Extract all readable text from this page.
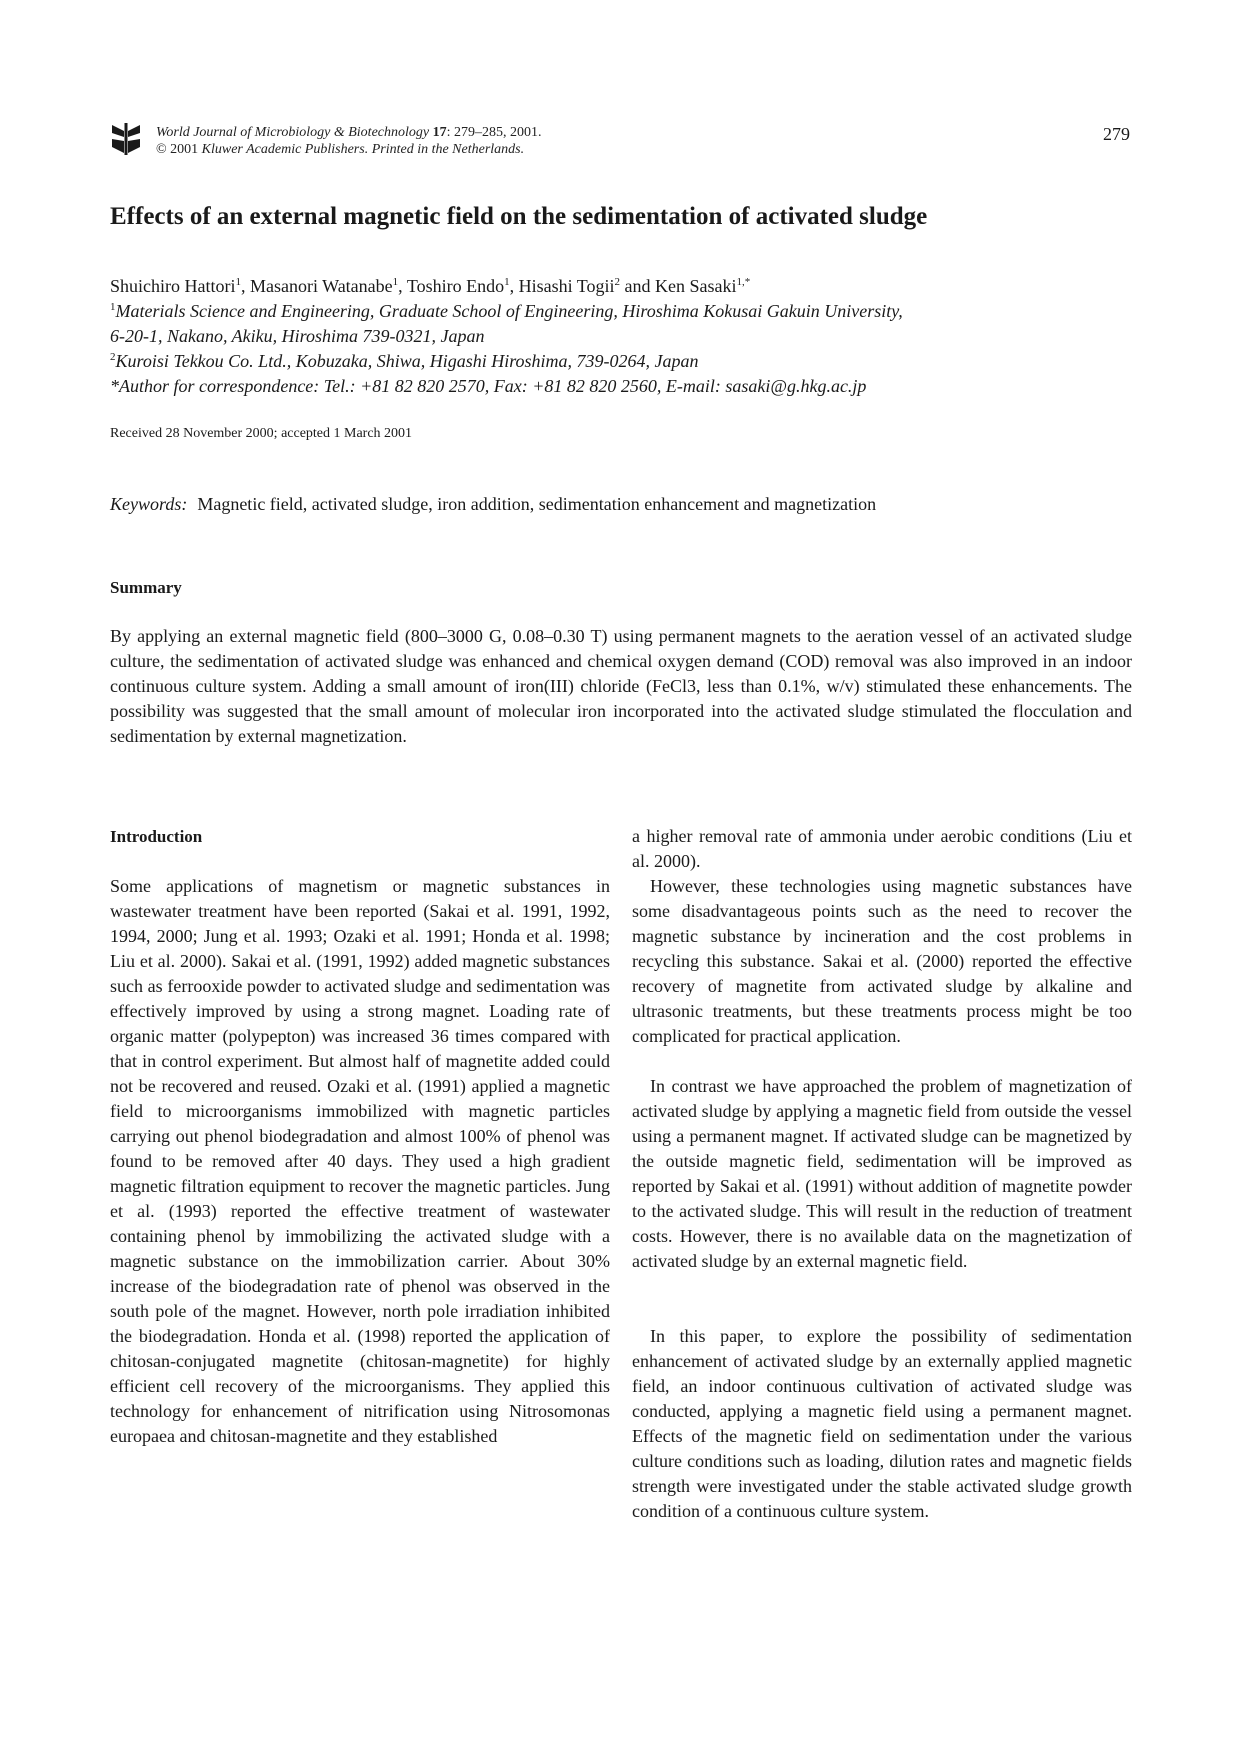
World Journal of Microbiology & Biotechnology 17: 279–285, 2001.
© 2001 Kluwer Academic Publishers. Printed in the Netherlands.
279
Effects of an external magnetic field on the sedimentation of activated sludge
Shuichiro Hattori$^1$, Masanori Watanabe$^1$, Toshiro Endo$^1$, Hisashi Togii$^2$ and Ken Sasaki$^{1,*}$
$^1$Materials Science and Engineering, Graduate School of Engineering, Hiroshima Kokusai Gakuin University,
6-20-1, Nakano, Akiku, Hiroshima 739-0321, Japan
$^2$Kuroisi Tekkou Co. Ltd., Kobuzaka, Shiwa, Higashi Hiroshima, 739-0264, Japan
*Author for correspondence: Tel.: +81 82 820 2570, Fax: +81 82 820 2560, E-mail: sasaki@g.hkg.ac.jp
Received 28 November 2000; accepted 1 March 2001
Keywords: Magnetic field, activated sludge, iron addition, sedimentation enhancement and magnetization
Summary

By applying an external magnetic field (800–3000 G, 0.08–0.30 T) using permanent magnets to the aeration vessel of an activated sludge culture, the sedimentation of activated sludge was enhanced and chemical oxygen demand (COD) removal was also improved in an indoor continuous culture system. Adding a small amount of iron(III) chloride (FeCl3, less than 0.1%, w/v) stimulated these enhancements. The possibility was suggested that the small amount of molecular iron incorporated into the activated sludge stimulated the flocculation and sedimentation by external magnetization.

Introduction

Some applications of magnetism or magnetic substances in wastewater treatment have been reported (Sakai et al. 1991, 1992, 1994, 2000; Jung et al. 1993; Ozaki et al. 1991; Honda et al. 1998; Liu et al. 2000). Sakai et al. (1991, 1992) added magnetic substances such as ferrooxide powder to activated sludge and sedimentation was effectively improved by using a strong magnet. Loading rate of organic matter (polypepton) was increased 36 times compared with that in control experiment. But almost half of magnetite added could not be recovered and reused. Ozaki et al. (1991) applied a magnetic field to microorganisms immobilized with magnetic particles carrying out phenol biodegradation and almost 100% of phenol was found to be removed after 40 days. They used a high gradient magnetic filtration equipment to recover the magnetic particles. Jung et al. (1993) reported the effective treatment of wastewater containing phenol by immobilizing the activated sludge with a magnetic substance on the immobilization carrier. About 30% increase of the biodegradation rate of phenol was observed in the south pole of the magnet. However, north pole irradiation inhibited the biodegradation. Honda et al. (1998) reported the application of chitosan-conjugated magnetite (chitosan-magnetite) for highly efficient cell recovery of the microorganisms. They applied this technology for enhancement of nitrification using Nitrosomonas europaea and chitosan-magnetite and they established

a higher removal rate of ammonia under aerobic conditions (Liu et al. 2000).

However, these technologies using magnetic substances have some disadvantageous points such as the need to recover the magnetic substance by incineration and the cost problems in recycling this substance. Sakai et al. (2000) reported the effective recovery of magnetite from activated sludge by alkaline and ultrasonic treatments, but these treatments process might be too complicated for practical application.

In contrast we have approached the problem of magnetization of activated sludge by applying a magnetic field from outside the vessel using a permanent magnet. If activated sludge can be magnetized by the outside magnetic field, sedimentation will be improved as reported by Sakai et al. (1991) without addition of magnetite powder to the activated sludge. This will result in the reduction of treatment costs. However, there is no available data on the magnetization of activated sludge by an external magnetic field.

In this paper, to explore the possibility of sedimentation enhancement of activated sludge by an externally applied magnetic field, an indoor continuous cultivation of activated sludge was conducted, applying a magnetic field using a permanent magnet. Effects of the magnetic field on sedimentation under the various culture conditions such as loading, dilution rates and magnetic fields strength were investigated under the stable activated sludge growth condition of a continuous culture system.
